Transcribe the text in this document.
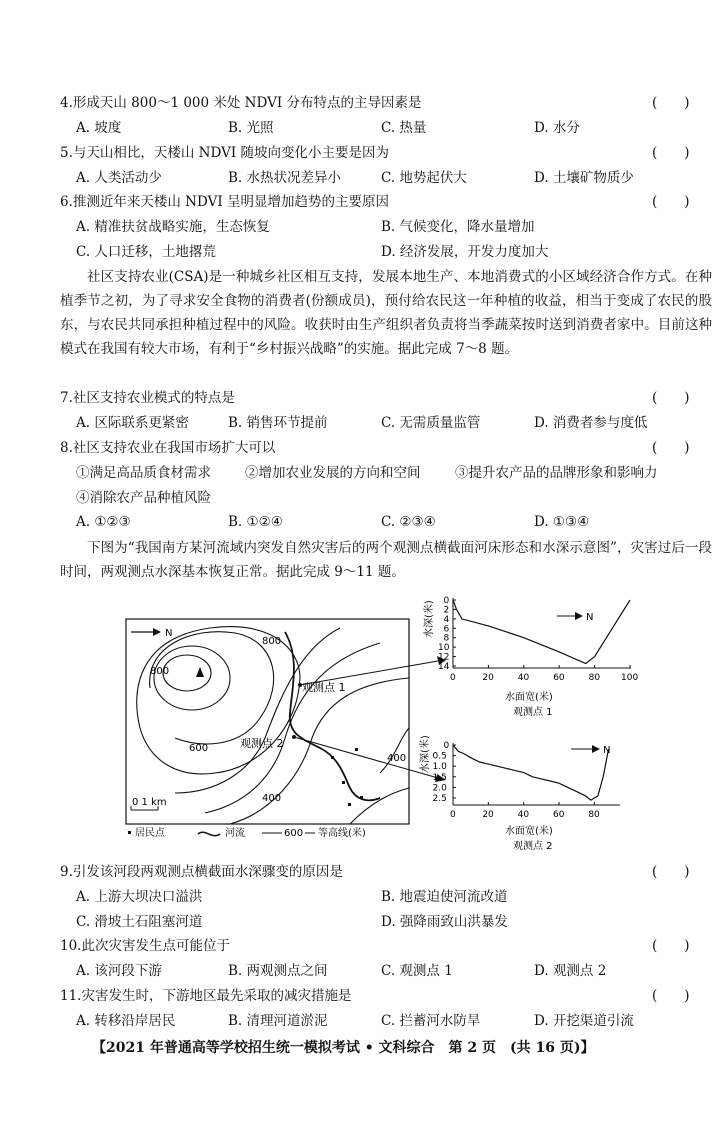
4.形成天山 800～1 000 米处 NDVI 分布特点的主导因素是	(　　)
A. 坡度	B. 光照	C. 热量	D. 水分
5.与天山相比，天楼山 NDVI 随坡向变化小主要是因为	(　　)
A. 人类活动少	B. 水热状况差异小	C. 地势起伏大	D. 土壤矿物质少
6.推测近年来天楼山 NDVI 呈明显增加趋势的主要原因	(　　)
A. 精准扶贫战略实施，生态恢复	B. 气候变化，降水量增加
C. 人口迁移，土地撂荒	D. 经济发展，开发力度加大
社区支持农业(CSA)是一种城乡社区相互支持，发展本地生产、本地消费式的小区域经济合作方式。在种植季节之初，为了寻求安全食物的消费者(份额成员)，预付给农民这一年种植的收益，相当于变成了农民的股东，与农民共同承担种植过程中的风险。收获时由生产组织者负责将当季蔬菜按时送到消费者家中。目前这种模式在我国有较大市场，有利于“乡村振兴战略”的实施。据此完成 7～8 题。
7.社区支持农业模式的特点是	(　　)
A. 区际联系更紧密	B. 销售环节提前	C. 无需质量监管	D. 消费者参与度低
8.社区支持农业在我国市场扩大可以	(　　)
①满足高品质食材需求	②增加农业发展的方向和空间	③提升农产品的品牌形象和影响力
④消除农产品种植风险
A. ①②③	B. ①②④	C. ②③④	D. ①③④
下图为“我国南方某河流域内突发自然灾害后的两个观测点横截面河床形态和水深示意图”，灾害过后一段时间，两观测点水深基本恢复正常。据此完成 9～11 题。
N
800
800
600
400
400
观测点 1
观测点 2
0 1 km
居民点	河流	600 等高线(米)
0
2
4
6
8
10
12
14
0	20	40	60	80 100
水深(米)
水面宽(米)
观测点 1
N
0
0.5
1.0
1.5
2.0
2.5
0	20	40	60	80
水深(米)
水面宽(米)
观测点 2
N
9.引发该河段两观测点横截面水深骤变的原因是	(　　)
A. 上游大坝决口溢洪	B. 地震迫使河流改道
C. 滑坡土石阻塞河道	D. 强降雨致山洪暴发
10.此次灾害发生点可能位于	(　　)
A. 该河段下游	B. 两观测点之间	C. 观测点 1	D. 观测点 2
11.灾害发生时，下游地区最先采取的减灾措施是	(　　)
A. 转移沿岸居民	B. 清理河道淤泥	C. 拦蓄河水防旱	D. 开挖渠道引流
【2021 年普通高等学校招生统一模拟考试 • 文科综合　第 2 页　(共 16 页)】
